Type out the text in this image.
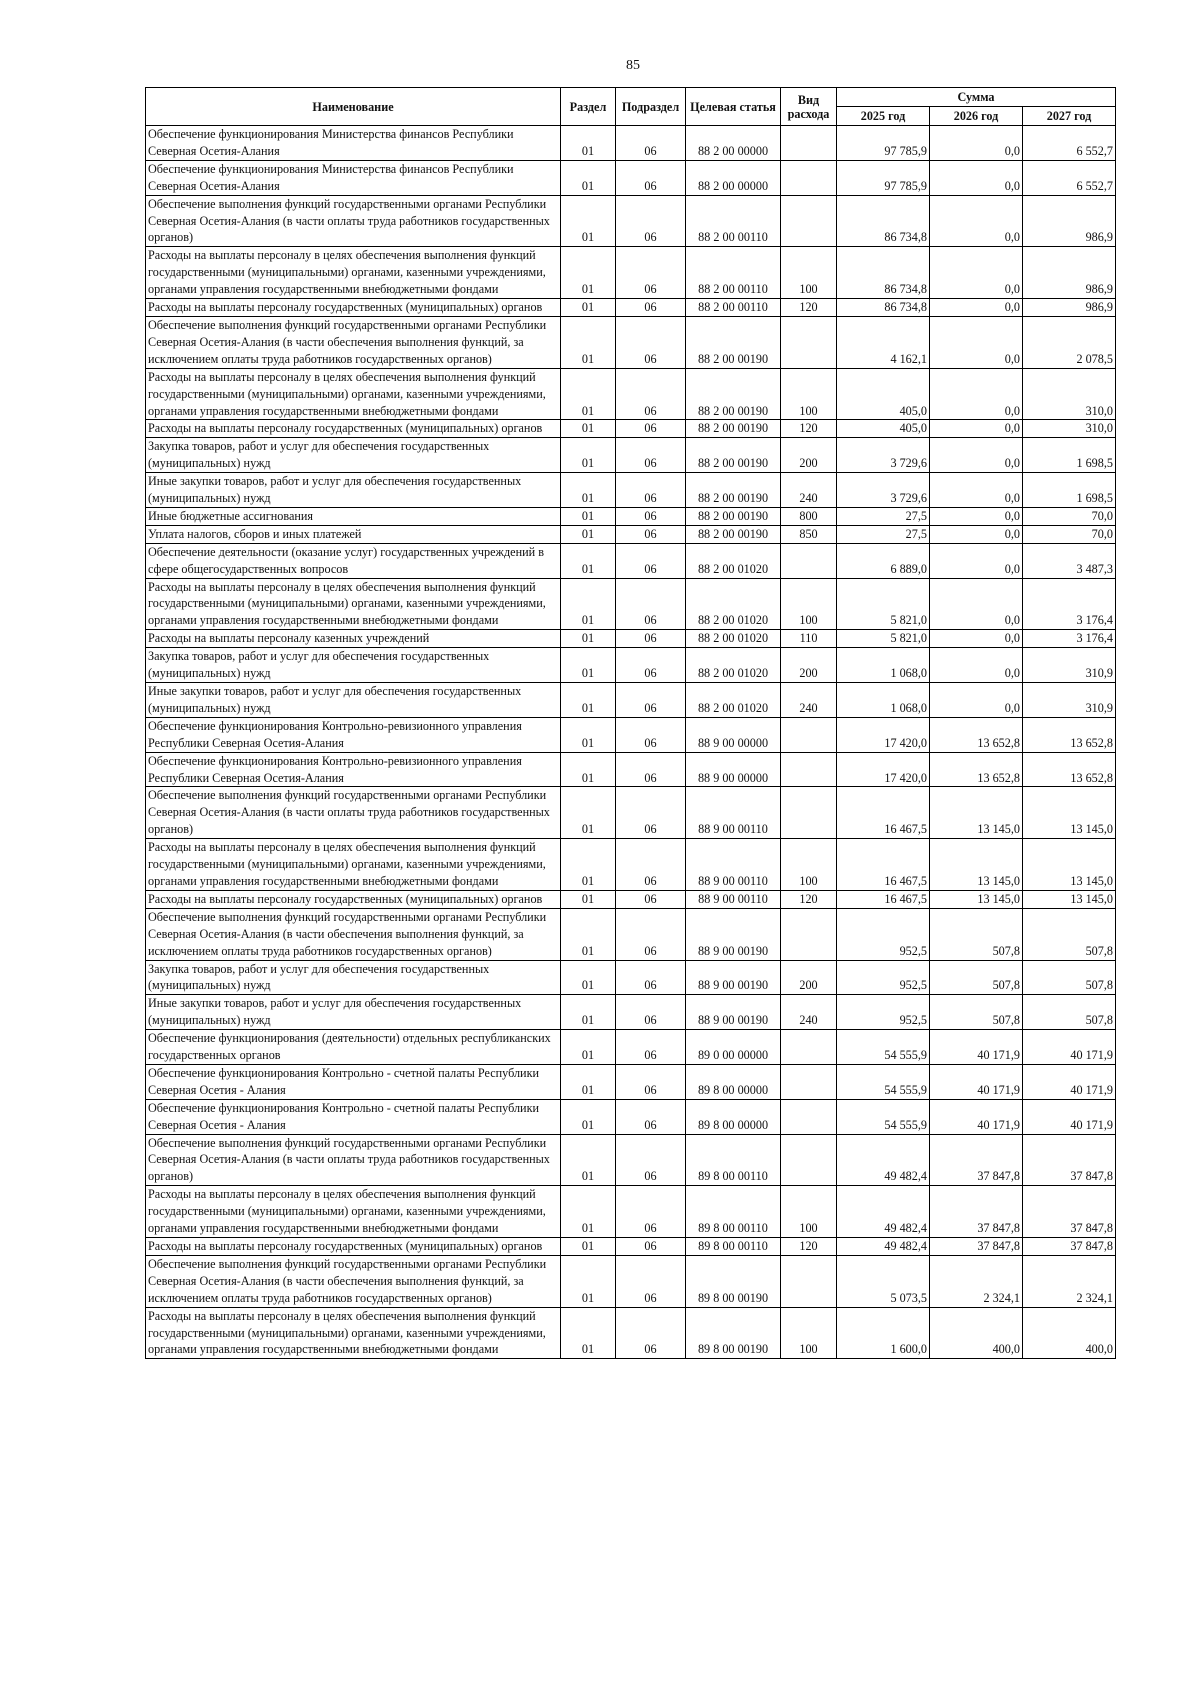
85
Наименование	Раздел	Подраздел	Целевая статья	Вид расхода	Сумма		
					2025 год	2026 год	2027 год
Обеспечение функционирования Министерства финансов Республики Северная Осетия-Алания	01	06	88 2 00 00000		97 785,9	0,0	6 552,7
Обеспечение функционирования Министерства финансов Республики Северная Осетия-Алания	01	06	88 2 00 00000		97 785,9	0,0	6 552,7
Обеспечение выполнения функций государственными органами Республики Северная Осетия-Алания (в части оплаты труда работников государственных органов)	01	06	88 2 00 00110		86 734,8	0,0	986,9
Расходы на выплаты персоналу в целях обеспечения выполнения функций государственными (муниципальными) органами, казенными учреждениями, органами управления государственными внебюджетными фондами	01	06	88 2 00 00110	100	86 734,8	0,0	986,9
Расходы на выплаты персоналу государственных (муниципальных) органов	01	06	88 2 00 00110	120	86 734,8	0,0	986,9
Обеспечение выполнения функций государственными органами Республики Северная Осетия-Алания (в части обеспечения выполнения функций, за исключением оплаты труда работников государственных органов)	01	06	88 2 00 00190		4 162,1	0,0	2 078,5
Расходы на выплаты персоналу в целях обеспечения выполнения функций государственными (муниципальными) органами, казенными учреждениями, органами управления государственными внебюджетными фондами	01	06	88 2 00 00190	100	405,0	0,0	310,0
Расходы на выплаты персоналу государственных (муниципальных) органов	01	06	88 2 00 00190	120	405,0	0,0	310,0
Закупка товаров, работ и услуг для обеспечения государственных (муниципальных) нужд	01	06	88 2 00 00190	200	3 729,6	0,0	1 698,5
Иные закупки товаров, работ и услуг для обеспечения государственных (муниципальных) нужд	01	06	88 2 00 00190	240	3 729,6	0,0	1 698,5
Иные бюджетные ассигнования	01	06	88 2 00 00190	800	27,5	0,0	70,0
Уплата налогов, сборов и иных платежей	01	06	88 2 00 00190	850	27,5	0,0	70,0
Обеспечение деятельности (оказание услуг) государственных учреждений в сфере общегосударственных вопросов	01	06	88 2 00 01020		6 889,0	0,0	3 487,3
Расходы на выплаты персоналу в целях обеспечения выполнения функций государственными (муниципальными) органами, казенными учреждениями, органами управления государственными внебюджетными фондами	01	06	88 2 00 01020	100	5 821,0	0,0	3 176,4
Расходы на выплаты персоналу казенных учреждений	01	06	88 2 00 01020	110	5 821,0	0,0	3 176,4
Закупка товаров, работ и услуг для обеспечения государственных (муниципальных) нужд	01	06	88 2 00 01020	200	1 068,0	0,0	310,9
Иные закупки товаров, работ и услуг для обеспечения государственных (муниципальных) нужд	01	06	88 2 00 01020	240	1 068,0	0,0	310,9
Обеспечение функционирования Контрольно-ревизионного управления Республики Северная Осетия-Алания	01	06	88 9 00 00000		17 420,0	13 652,8	13 652,8
Обеспечение функционирования Контрольно-ревизионного управления Республики Северная Осетия-Алания	01	06	88 9 00 00000		17 420,0	13 652,8	13 652,8
Обеспечение выполнения функций государственными органами Республики Северная Осетия-Алания (в части оплаты труда работников государственных органов)	01	06	88 9 00 00110		16 467,5	13 145,0	13 145,0
Расходы на выплаты персоналу в целях обеспечения выполнения функций государственными (муниципальными) органами, казенными учреждениями, органами управления государственными внебюджетными фондами	01	06	88 9 00 00110	100	16 467,5	13 145,0	13 145,0
Расходы на выплаты персоналу государственных (муниципальных) органов	01	06	88 9 00 00110	120	16 467,5	13 145,0	13 145,0
Обеспечение выполнения функций государственными органами Республики Северная Осетия-Алания (в части обеспечения выполнения функций, за исключением оплаты труда работников государственных органов)	01	06	88 9 00 00190		952,5	507,8	507,8
Закупка товаров, работ и услуг для обеспечения государственных (муниципальных) нужд	01	06	88 9 00 00190	200	952,5	507,8	507,8
Иные закупки товаров, работ и услуг для обеспечения государственных (муниципальных) нужд	01	06	88 9 00 00190	240	952,5	507,8	507,8
Обеспечение функционирования (деятельности) отдельных республиканских государственных органов	01	06	89 0 00 00000		54 555,9	40 171,9	40 171,9
Обеспечение функционирования Контрольно - счетной палаты Республики Северная Осетия - Алания	01	06	89 8 00 00000		54 555,9	40 171,9	40 171,9
Обеспечение функционирования Контрольно - счетной палаты Республики Северная Осетия - Алания	01	06	89 8 00 00000		54 555,9	40 171,9	40 171,9
Обеспечение выполнения функций государственными органами Республики Северная Осетия-Алания (в части оплаты труда работников государственных органов)	01	06	89 8 00 00110		49 482,4	37 847,8	37 847,8
Расходы на выплаты персоналу в целях обеспечения выполнения функций государственными (муниципальными) органами, казенными учреждениями, органами управления государственными внебюджетными фондами	01	06	89 8 00 00110	100	49 482,4	37 847,8	37 847,8
Расходы на выплаты персоналу государственных (муниципальных) органов	01	06	89 8 00 00110	120	49 482,4	37 847,8	37 847,8
Обеспечение выполнения функций государственными органами Республики Северная Осетия-Алания (в части обеспечения выполнения функций, за исключением оплаты труда работников государственных органов)	01	06	89 8 00 00190		5 073,5	2 324,1	2 324,1
Расходы на выплаты персоналу в целях обеспечения выполнения функций государственными (муниципальными) органами, казенными учреждениями, органами управления государственными внебюджетными фондами	01	06	89 8 00 00190	100	1 600,0	400,0	400,0
